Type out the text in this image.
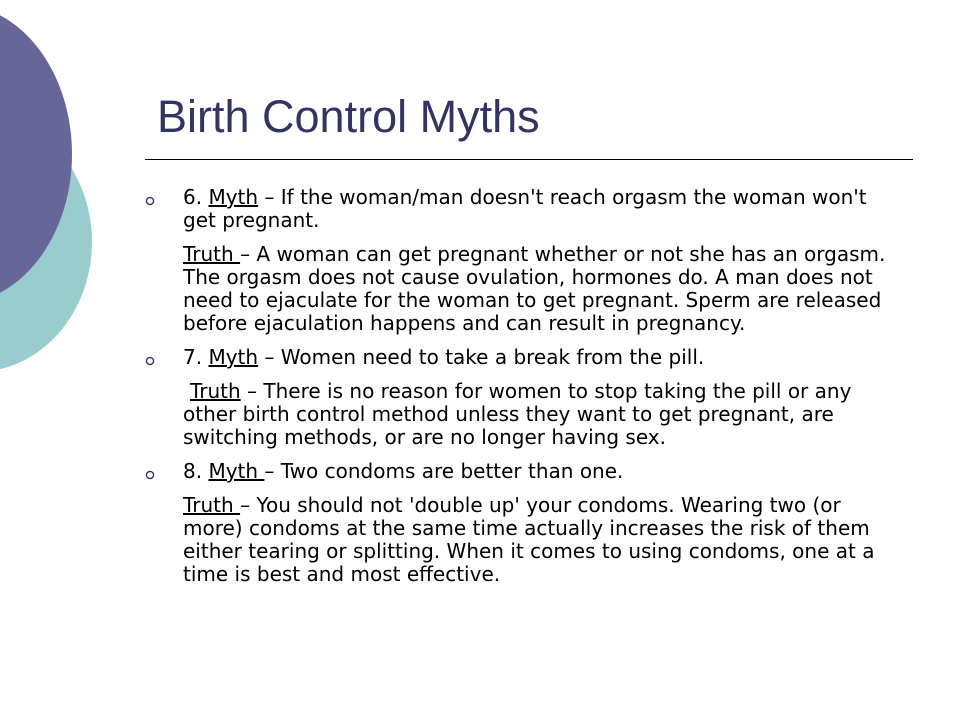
Birth Control Myths
6. Myth – If the woman/man doesn't reach orgasm the woman won't get pregnant.
Truth – A woman can get pregnant whether or not she has an orgasm. The orgasm does not cause ovulation, hormones do. A man does not need to ejaculate for the woman to get pregnant. Sperm are released before ejaculation happens and can result in pregnancy.
7. Myth – Women need to take a break from the pill.
Truth – There is no reason for women to stop taking the pill or any other birth control method unless they want to get pregnant, are switching methods, or are no longer having sex.
8. Myth – Two condoms are better than one.
Truth – You should not 'double up' your condoms. Wearing two (or more) condoms at the same time actually increases the risk of them either tearing or splitting. When it comes to using condoms, one at a time is best and most effective.
